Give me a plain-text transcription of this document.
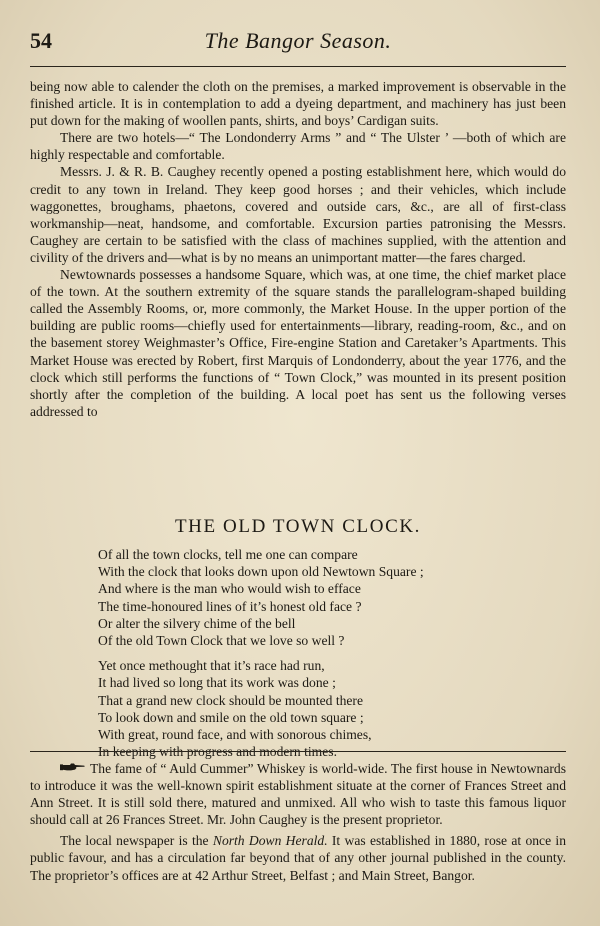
54	The Bangor Season.

being now able to calender the cloth on the premises, a marked improvement is observable in the finished article. It is in contemplation to add a dyeing department, and machinery has just been put down for the making of woollen pants, shirts, and boys’ Cardigan suits.

There are two hotels—“ The Londonderry Arms ” and “ The Ulster ’ —both of which are highly respectable and comfortable.

Messrs. J. & R. B. Caughey recently opened a posting establishment here, which would do credit to any town in Ireland. They keep good horses ; and their vehicles, which include waggonettes, broughams, phaetons, covered and outside cars, &c., are all of first-class workmanship—neat, handsome, and comfortable. Excursion parties patronising the Messrs. Caughey are certain to be satisfied with the class of machines supplied, with the attention and civility of the drivers and—what is by no means an unimportant matter—the fares charged.

Newtownards possesses a handsome Square, which was, at one time, the chief market place of the town. At the southern extremity of the square stands the parallelogram-shaped building called the Assembly Rooms, or, more commonly, the Market House. In the upper portion of the building are public rooms—chiefly used for entertainments—library, reading-room, &c., and on the basement storey Weighmaster’s Office, Fire-engine Station and Caretaker’s Apartments. This Market House was erected by Robert, first Marquis of Londonderry, about the year 1776, and the clock which still performs the functions of “ Town Clock,” was mounted in its present position shortly after the completion of the building. A local poet has sent us the following verses addressed to

THE OLD TOWN CLOCK.
Of all the town clocks, tell me one can compare
With the clock that looks down upon old Newtown Square ;
And where is the man who would wish to efface
The time-honoured lines of it’s honest old face ?
Or alter the silvery chime of the bell
Of the old Town Clock that we love so well ?
Yet once methought that it’s race had run,
It had lived so long that its work was done ;
That a grand new clock should be mounted there
To look down and smile on the old town square ;
With great, round face, and with sonorous chimes,
In keeping with progress and modern times.

The fame of “ Auld Cummer” Whiskey is world-wide. The first house in Newtownards to introduce it was the well-known spirit establishment situate at the corner of Frances Street and Ann Street. It is still sold there, matured and unmixed. All who wish to taste this famous liquor should call at 26 Frances Street. Mr. John Caughey is the present proprietor.

The local newspaper is the North Down Herald. It was established in 1880, rose at once in public favour, and has a circulation far beyond that of any other journal published in the county. The proprietor’s offices are at 42 Arthur Street, Belfast ; and Main Street, Bangor.
